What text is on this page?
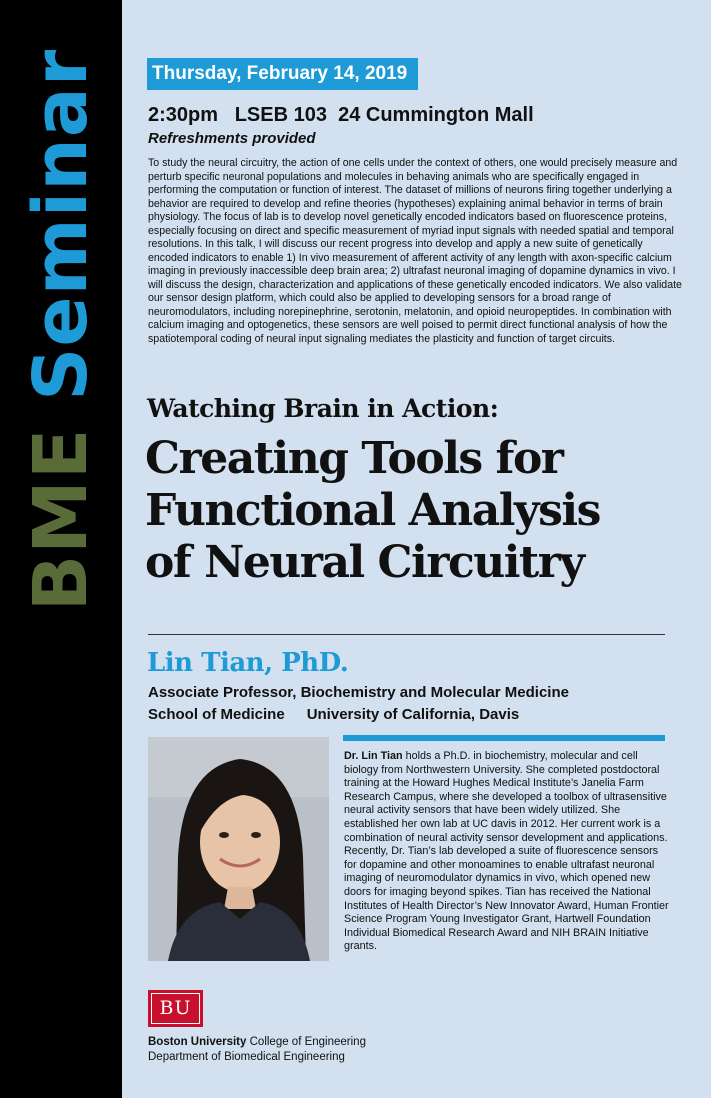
BME Seminar	Thursday, February 14, 2019
2:30pm LSEB 103 24 Cummington Mall
Refreshments provided

To study the neural circuitry, the action of one cells under the context of others, one would precisely measure and perturb specific neuronal populations and molecules in behaving animals who are specifically engaged in performing the computation or function of interest. The dataset of millions of neurons firing together underlying a behavior are required to develop and refine theories (hypotheses) explaining animal behavior in terms of brain physiology. The focus of lab is to develop novel genetically encoded indicators based on fluorescence proteins, especially focusing on direct and specific measurement of myriad input signals with needed spatial and temporal resolutions. In this talk, I will discuss our recent progress into develop and apply a new suite of genetically encoded indicators to enable 1) In vivo measurement of afferent activity of any length with axon-specific calcium imaging in previously inaccessible deep brain area; 2) ultrafast neuronal imaging of dopamine dynamics in vivo. I will discuss the design, characterization and applications of these genetically encoded indicators. We also validate our sensor design platform, which could also be applied to developing sensors for a broad range of neuromodulators, including norepinephrine, serotonin, melatonin, and opioid neuropeptides. In combination with calcium imaging and optogenetics, these sensors are well poised to permit direct functional analysis of how the spatiotemporal coding of neural input signaling mediates the plasticity and function of target circuits.

Watching Brain in Action:
Creating Tools for
Functional Analysis
of Neural Circuitry
Lin Tian, PhD.
Associate Professor, Biochemistry and Molecular Medicine
School of Medicine University of California, Davis

Dr. Lin Tian holds a Ph.D. in biochemistry, molecular and cell biology from Northwestern University. She completed postdoctoral training at the Howard Hughes Medical Institute’s Janelia Farm Research Campus, where she developed a toolbox of ultrasensitive neural activity sensors that have been widely utilized. She established her own lab at UC davis in 2012. Her current work is a combination of neural activity sensor development and applications. Recently, Dr. Tian’s lab developed a suite of fluorescence sensors for dopamine and other monoamines to enable ultrafast neuronal imaging of neuromodulator dynamics in vivo, which opened new doors for imaging beyond spikes. Tian has received the National Institutes of Health Director’s New Innovator Award, Human Frontier Science Program Young Investigator Grant, Hartwell Foundation Individual Biomedical Research Award and NIH BRAIN Initiative grants.

BU
Boston University College of Engineering
Department of Biomedical Engineering
